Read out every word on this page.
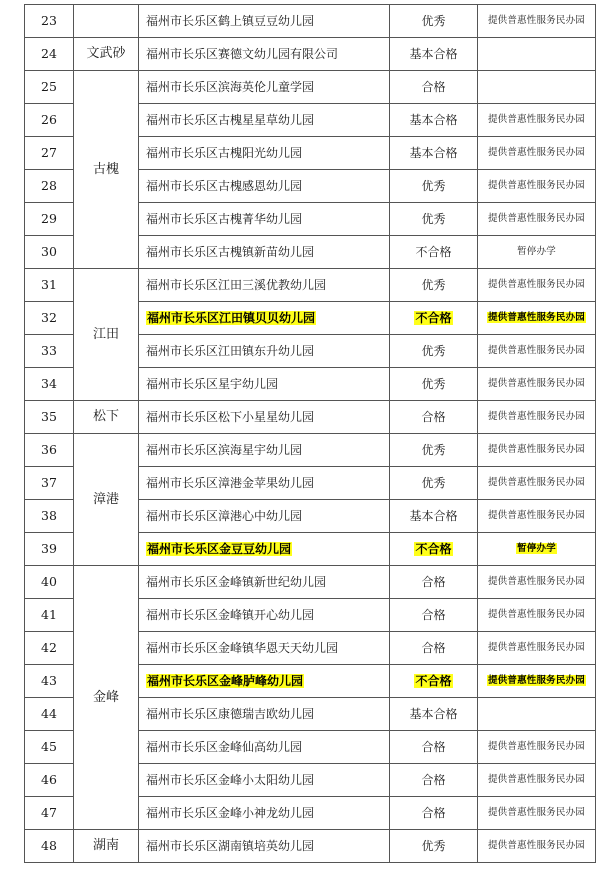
23		福州市长乐区鹤上镇豆豆幼儿园	优秀	提供普惠性服务民办园
24	文武砂	福州市长乐区赛德文幼儿园有限公司	基本合格	
25	古槐	福州市长乐区滨海英伦儿童学园	合格	
26		福州市长乐区古槐星星草幼儿园	基本合格	提供普惠性服务民办园
27		福州市长乐区古槐阳光幼儿园	基本合格	提供普惠性服务民办园
28		福州市长乐区古槐感恩幼儿园	优秀	提供普惠性服务民办园
29		福州市长乐区古槐菁华幼儿园	优秀	提供普惠性服务民办园
30		福州市长乐区古槐镇新苗幼儿园	不合格	暂停办学
31	江田	福州市长乐区江田三溪优教幼儿园	优秀	提供普惠性服务民办园
32		福州市长乐区江田镇贝贝幼儿园	不合格	提供普惠性服务民办园
33		福州市长乐区江田镇东升幼儿园	优秀	提供普惠性服务民办园
34		福州市长乐区星宇幼儿园	优秀	提供普惠性服务民办园
35	松下	福州市长乐区松下小星星幼儿园	合格	提供普惠性服务民办园
36	漳港	福州市长乐区滨海星宇幼儿园	优秀	提供普惠性服务民办园
37		福州市长乐区漳港金苹果幼儿园	优秀	提供普惠性服务民办园
38		福州市长乐区漳港心中幼儿园	基本合格	提供普惠性服务民办园
39		福州市长乐区金豆豆幼儿园	不合格	暂停办学
40	金峰	福州市长乐区金峰镇新世纪幼儿园	合格	提供普惠性服务民办园
41		福州市长乐区金峰镇开心幼儿园	合格	提供普惠性服务民办园
42		福州市长乐区金峰镇华恩天天幼儿园	合格	提供普惠性服务民办园
43		福州市长乐区金峰胪峰幼儿园	不合格	提供普惠性服务民办园
44		福州市长乐区康德瑞吉欧幼儿园	基本合格	
45		福州市长乐区金峰仙高幼儿园	合格	提供普惠性服务民办园
46		福州市长乐区金峰小太阳幼儿园	合格	提供普惠性服务民办园
47		福州市长乐区金峰小神龙幼儿园	合格	提供普惠性服务民办园
48	湖南	福州市长乐区湖南镇培英幼儿园	优秀	提供普惠性服务民办园
